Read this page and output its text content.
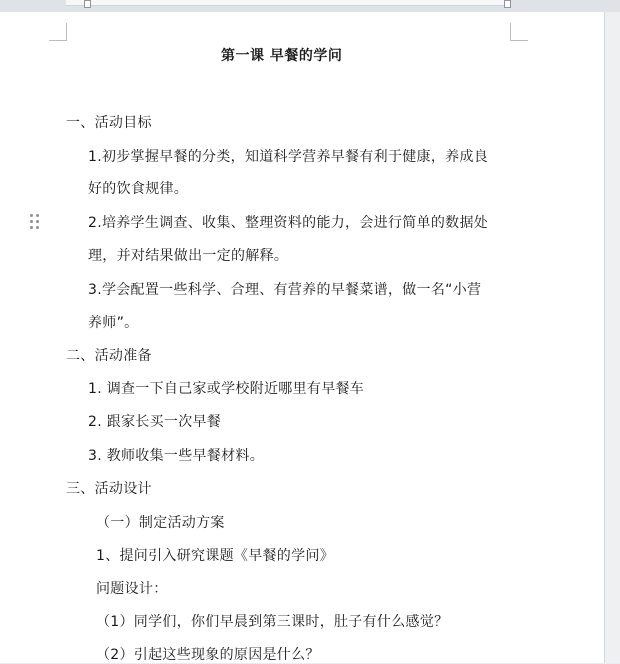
第一课 早餐的学问
一、活动目标
1.初步掌握早餐的分类，知道科学营养早餐有利于健康，养成良
好的饮食规律。
2.培养学生调查、收集、整理资料的能力，会进行简单的数据处
理，并对结果做出一定的解释。
3.学会配置一些科学、合理、有营养的早餐菜谱，做一名“小营
养师”。
二、活动准备
1. 调查一下自己家或学校附近哪里有早餐车
2. 跟家长买一次早餐
3. 教师收集一些早餐材料。
三、活动设计
（一）制定活动方案
1、提问引入研究课题《早餐的学问》
问题设计：
（1）同学们，你们早晨到第三课时，肚子有什么感觉？
（2）引起这些现象的原因是什么？
